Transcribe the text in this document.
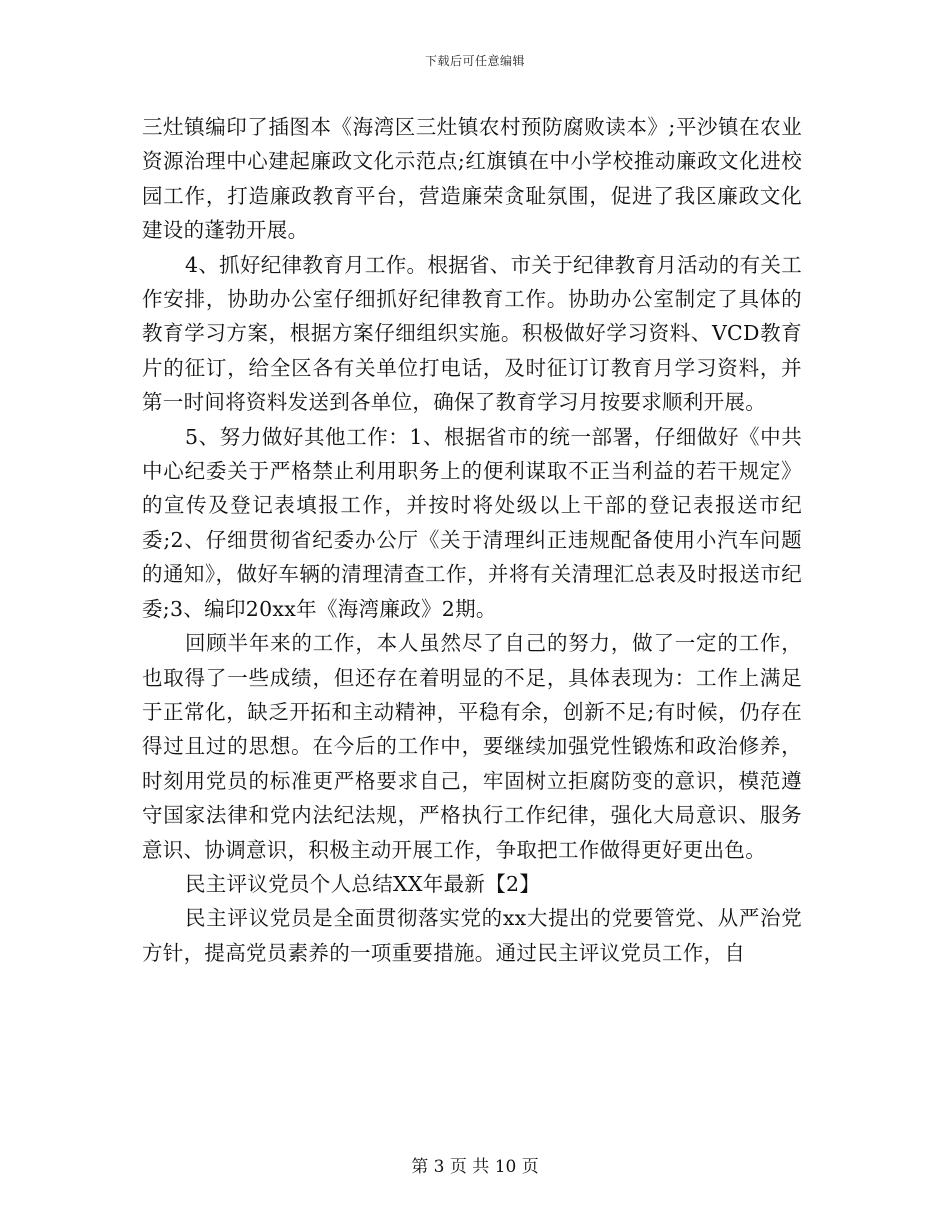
下载后可任意编辑

三灶镇编印了插图本《海湾区三灶镇农村预防腐败读本》;平沙镇在农业资源治理中心建起廉政文化示范点;红旗镇在中小学校推动廉政文化进校园工作，打造廉政教育平台，营造廉荣贪耻氛围，促进了我区廉政文化建设的蓬勃开展。

4、抓好纪律教育月工作。根据省、市关于纪律教育月活动的有关工作安排，协助办公室仔细抓好纪律教育工作。协助办公室制定了具体的教育学习方案，根据方案仔细组织实施。积极做好学习资料、VCD教育片的征订，给全区各有关单位打电话，及时征订订教育月学习资料，并第一时间将资料发送到各单位，确保了教育学习月按要求顺利开展。

5、努力做好其他工作：1、根据省市的统一部署，仔细做好《中共中心纪委关于严格禁止利用职务上的便利谋取不正当利益的若干规定》的宣传及登记表填报工作，并按时将处级以上干部的登记表报送市纪委;2、仔细贯彻省纪委办公厅《关于清理纠正违规配备使用小汽车问题的通知》，做好车辆的清理清查工作，并将有关清理汇总表及时报送市纪委;3、编印20xx年《海湾廉政》2期。

回顾半年来的工作，本人虽然尽了自己的努力，做了一定的工作，也取得了一些成绩，但还存在着明显的不足，具体表现为：工作上满足于正常化，缺乏开拓和主动精神，平稳有余，创新不足;有时候，仍存在得过且过的思想。在今后的工作中，要继续加强党性锻炼和政治修养，时刻用党员的标准更严格要求自己，牢固树立拒腐防变的意识，模范遵守国家法律和党内法纪法规，严格执行工作纪律，强化大局意识、服务意识、协调意识，积极主动开展工作，争取把工作做得更好更出色。

民主评议党员个人总结XX年最新【2】

民主评议党员是全面贯彻落实党的xx大提出的党要管党、从严治党方针，提高党员素养的一项重要措施。通过民主评议党员工作，自

第 3 页 共 10 页
